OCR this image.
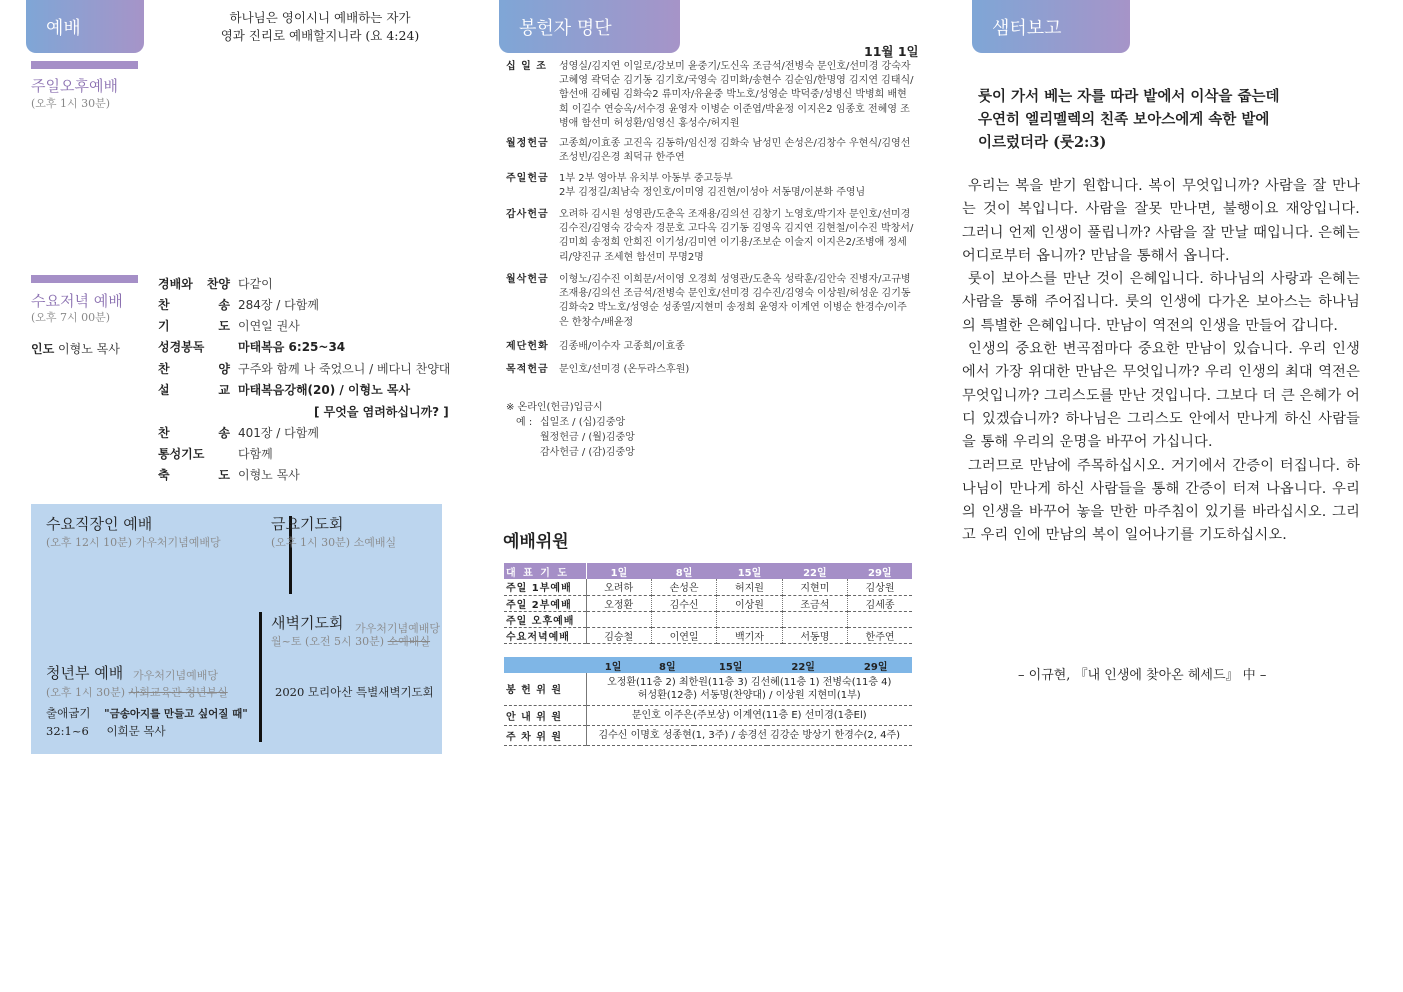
예배
하나님은 영이시니 예배하는 자가
영과 진리로 예배할지니라 (요 4:24)
주일오후예배
(오후 1시 30분)
수요저녁 예배
(오후 7시 00분)
인도 이형노 목사
경배와 찬양 다같이
찬 송 284장 / 다함께
기 도 이연일 권사
성경봉독	마태복음 6:25~34
찬 양 구주와 함께 나 죽었으니 / 베다니 찬양대
설 교 마태복음강해(20) / 이형노 목사
[ 무엇을 염려하십니까? ]
찬 송 401장 / 다함께
통성기도	다함께
축 도 이형노 목사
수요직장인 예배
(오후 12시 10분) 가우처기념예배당
금요기도회
(오후 1시 30분) 소예배실
새벽기도회 가우처기념예배당
월~토 (오전 5시 30분) 소예배실
2020 모리아산 특별새벽기도회
청년부 예배 가우처기념예배당
(오후 1시 30분) 사회교육관 청년부실
출애굽기 "금송아지를 만들고 싶어질 때"
32:1~6 이희문 목사
봉헌자 명단
11월 1일
십 일 조	성영실/김지연 이일로/강보미 윤중기/도신옥 조금석/전병숙 문인호/선미경 강숙자 고혜영 곽덕순 김기동 김기호/국영숙 김미화/송현수 김순임/한명영 김지연 김태식/함선애 김혜림 김화숙2 류미자/유윤중 박노호/성영순 박덕중/성병신 박병희 배현희 이길수 연승옥/서수경 윤영자 이병순 이준엽/박윤정 이지은2 임종호 전혜영 조병애 함선미 허성환/임영신 홍성수/허지원
월정헌금	고종희/이효종 고진옥 김동하/임신정 김화숙 남성민 손성은/김창수 우현식/김영선 조성빈/김은경 최덕규 한주연
주일헌금	1부 2부 영아부 유치부 아동부 중고등부
2부 김정길/최남숙 정인호/이미영 김진현/이성아 서동명/이분화 주영님
감사헌금	오려하 김시원 성영관/도춘옥 조재용/김의선 김창기 노영호/박기자 문인호/선미경 김수진/김영숙 강숙자 경문호 고다옥 김기동 김영옥 김지연 김현철/이수진 박창서/김미희 송정희 안희진 이기성/김미연 이기용/조보순 이술지 이지은2/조병애 정세리/양진규 조세현 함선미 무명2명
월삭헌금	이형노/김수진 이희문/서이영 오경희 성영관/도춘옥 성락훈/김안숙 진병자/고규병 조재용/김의선 조금석/전병숙 문인호/선미경 김수진/김영숙 이상원/허성운 김기동 김화숙2 박노호/성영순 성종열/지현미 송정희 윤영자 이계연 이병순 한경수/이주은 한창수/배윤정
제단헌화	김종배/이수자 고종희/이효종
목적헌금	문인호/선미경 (온두라스후원)
※ 온라인(헌금)입금시
예 : 십일조 / (십)김중앙
월정헌금 / (월)김중앙
감사헌금 / (감)김중앙
예배위원
대 표 기 도	1일	8일	15일	22일	29일
주일 1부예배	오려하	손성은	허지원	지현미	김상원
주일 2부예배	오정환	김수신	이상원	조금석	김세종
주일 오후예배					
수요저녁예배	김승철	이연일	백기자	서동명	한주연
	1일	8일	15일	22일	29일
봉 헌 위 원	오정환(11층 2) 최한원(11층 3) 김선혜(11층 1) 전병숙(11층 4)
허성환(12층) 서동명(찬양대) / 이상원 지현미(1부)				

안 내 위 원	문인호 이주은(주보상) 이계연(11층 E) 선미경(1층El)				

주 차 위 원	김수신 이명호 성종현(1, 3주) / 송경선 김강순 방상기 한경수(2, 4주)				
샘터보고
룻이 가서 베는 자를 따라 밭에서 이삭을 줍는데
우연히 엘리멜렉의 친족 보아스에게 속한 밭에
이르렀더라 (룻2:3)

우리는 복을 받기 원합니다. 복이 무엇입니까? 사람을 잘 만나는 것이 복입니다. 사람을 잘못 만나면, 불행이요 재앙입니다. 그러니 언제 인생이 풀립니까? 사람을 잘 만날 때입니다. 은혜는 어디로부터 옵니까? 만남을 통해서 옵니다.

룻이 보아스를 만난 것이 은혜입니다. 하나님의 사랑과 은혜는 사람을 통해 주어집니다. 룻의 인생에 다가온 보아스는 하나님의 특별한 은혜입니다. 만남이 역전의 인생을 만들어 갑니다.

인생의 중요한 변곡점마다 중요한 만남이 있습니다. 우리 인생에서 가장 위대한 만남은 무엇입니까? 우리 인생의 최대 역전은 무엇입니까? 그리스도를 만난 것입니다. 그보다 더 큰 은혜가 어디 있겠습니까? 하나님은 그리스도 안에서 만나게 하신 사람들을 통해 우리의 운명을 바꾸어 가십니다.

그러므로 만남에 주목하십시오. 거기에서 간증이 터집니다. 하나님이 만나게 하신 사람들을 통해 간증이 터져 나옵니다. 우리의 인생을 바꾸어 놓을 만한 마주침이 있기를 바라십시오. 그리고 우리 인에 만남의 복이 일어나기를 기도하십시오.

– 이규현, 『내 인생에 찾아온 헤세드』 中 –
